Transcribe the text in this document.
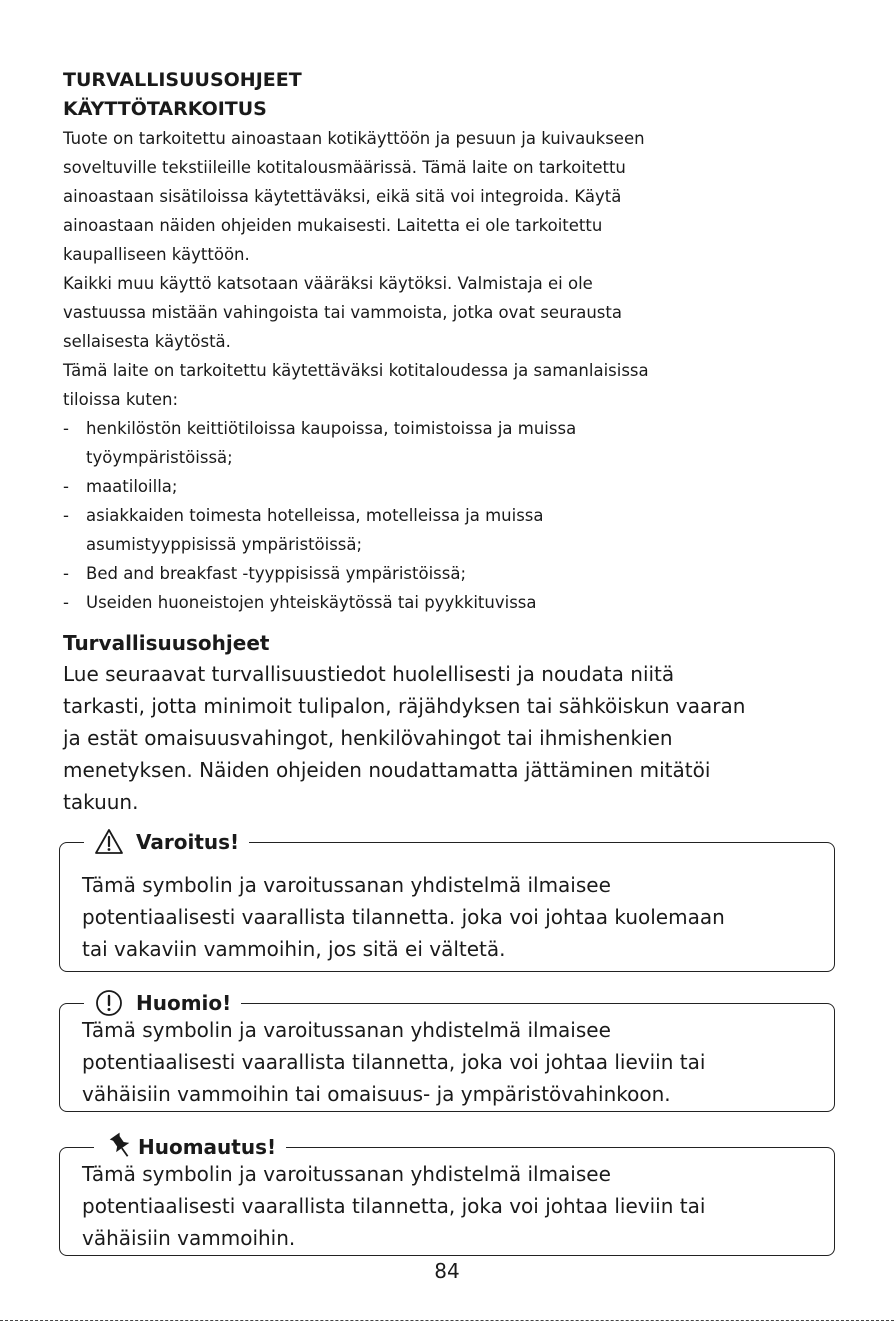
TURVALLISUUSOHJEET

KÄYTTÖTARKOITUS

Tuote on tarkoitettu ainoastaan kotikäyttöön ja pesuun ja kuivaukseen

soveltuville tekstiileille kotitalousmäärissä. Tämä laite on tarkoitettu

ainoastaan sisätiloissa käytettäväksi, eikä sitä voi integroida. Käytä

ainoastaan näiden ohjeiden mukaisesti. Laitetta ei ole tarkoitettu

kaupalliseen käyttöön.

Kaikki muu käyttö katsotaan vääräksi käytöksi. Valmistaja ei ole

vastuussa mistään vahingoista tai vammoista, jotka ovat seurausta

sellaisesta käytöstä.

Tämä laite on tarkoitettu käytettäväksi kotitaloudessa ja samanlaisissa

tiloissa kuten:

- henkilöstön keittiötiloissa kaupoissa, toimistoissa ja muissa
työympäristöissä;
- maatiloilla;
- asiakkaiden toimesta hotelleissa, motelleissa ja muissa
asumistyyppisissä ympäristöissä;
- Bed and breakfast -tyyppisissä ympäristöissä;
- Useiden huoneistojen yhteiskäytössä tai pyykkituvissa

Turvallisuusohjeet

Lue seuraavat turvallisuustiedot huolellisesti ja noudata niitä

tarkasti, jotta minimoit tulipalon, räjähdyksen tai sähköiskun vaaran

ja estät omaisuusvahingot, henkilövahingot tai ihmishenkien

menetyksen. Näiden ohjeiden noudattamatta jättäminen mitätöi

takuun.

Varoitus!

Tämä symbolin ja varoitussanan yhdistelmä ilmaisee

potentiaalisesti vaarallista tilannetta. joka voi johtaa kuolemaan

tai vakaviin vammoihin, jos sitä ei vältetä.

Huomio!

Tämä symbolin ja varoitussanan yhdistelmä ilmaisee

potentiaalisesti vaarallista tilannetta, joka voi johtaa lieviin tai

vähäisiin vammoihin tai omaisuus- ja ympäristövahinkoon.

Huomautus!

Tämä symbolin ja varoitussanan yhdistelmä ilmaisee

potentiaalisesti vaarallista tilannetta, joka voi johtaa lieviin tai

vähäisiin vammoihin.

84
